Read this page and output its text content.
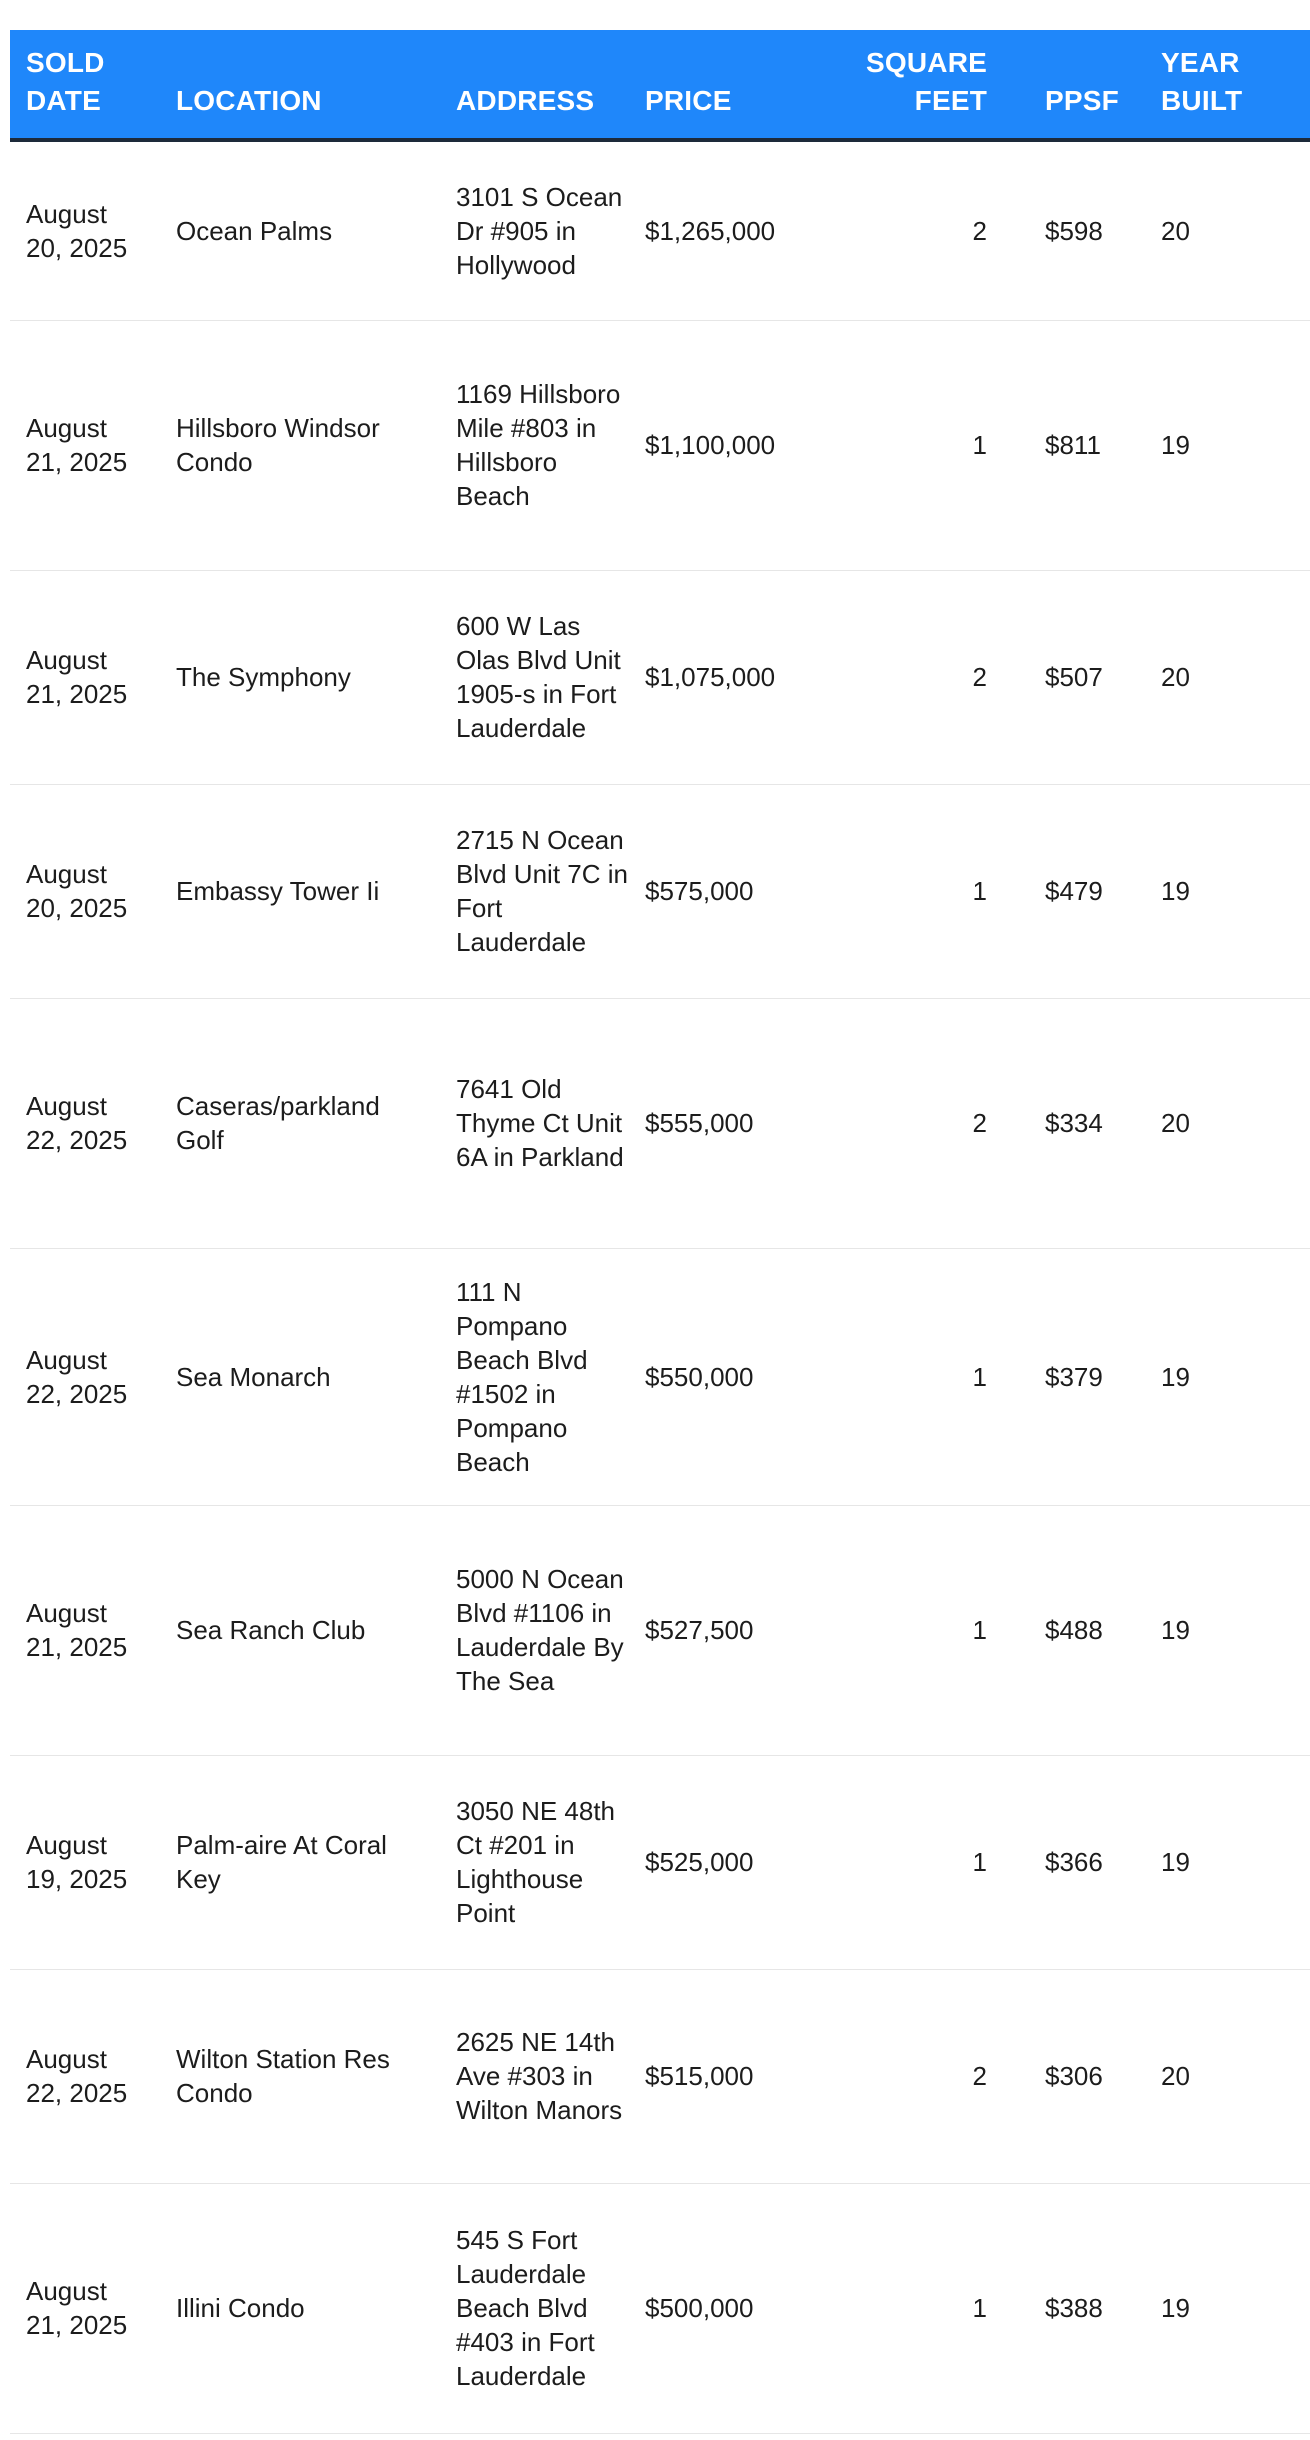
SOLD DATE	LOCATION	ADDRESS	PRICE	SQUARE FEET	PPSF	YEAR BUILT
August 20, 2025	Ocean Palms	3101 S Ocean Dr #905 in Hollywood	$1,265,000	2	$598	20
August 21, 2025	Hillsboro Windsor Condo	1169 Hillsboro Mile #803 in Hillsboro Beach	$1,100,000	1	$811	19
August 21, 2025	The Symphony	600 W Las Olas Blvd Unit 1905-s in Fort Lauderdale	$1,075,000	2	$507	20
August 20, 2025	Embassy Tower Ii	2715 N Ocean Blvd Unit 7C in Fort Lauderdale	$575,000	1	$479	19
August 22, 2025	Caseras/parkland Golf	7641 Old Thyme Ct Unit 6A in Parkland	$555,000	2	$334	20
August 22, 2025	Sea Monarch	111 N Pompano Beach Blvd #1502 in Pompano Beach	$550,000	1	$379	19
August 21, 2025	Sea Ranch Club	5000 N Ocean Blvd #1106 in Lauderdale By The Sea	$527,500	1	$488	19
August 19, 2025	Palm-aire At Coral Key	3050 NE 48th Ct #201 in Lighthouse Point	$525,000	1	$366	19
August 22, 2025	Wilton Station Res Condo	2625 NE 14th Ave #303 in Wilton Manors	$515,000	2	$306	20
August 21, 2025	Illini Condo	545 S Fort Lauderdale Beach Blvd #403 in Fort Lauderdale	$500,000	1	$388	19
